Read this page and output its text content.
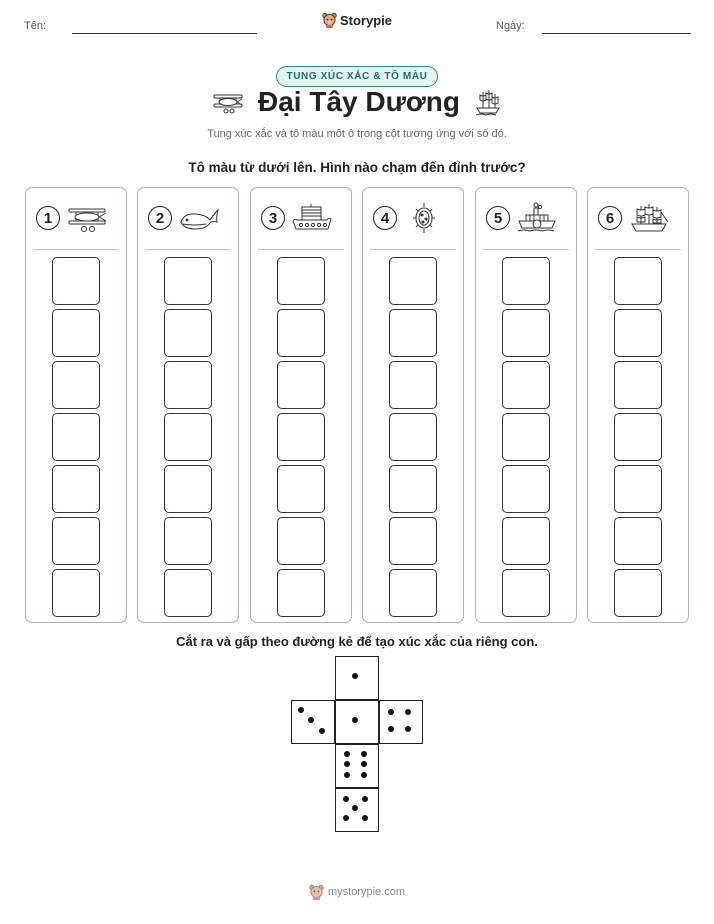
Tên:	Storypie	Ngày:
TUNG XÚC XẮC & TÔ MÀU
Đại Tây Dương
Tung xúc xắc và tô màu một ô trong cột tương ứng với số đó.
Tô màu từ dưới lên. Hình nào chạm đến đỉnh trước?
1	2	3	4	5	6
Cắt ra và gấp theo đường kẻ để tạo xúc xắc của riêng con.
mystorypie.com
